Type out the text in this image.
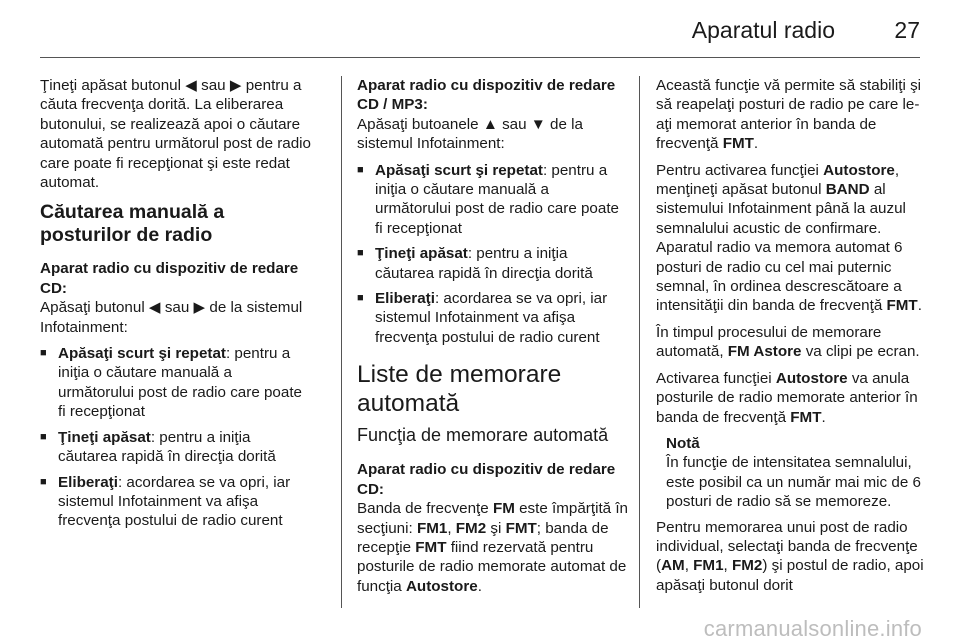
Aparatul radio	27

Ţineţi apăsat butonul ◀ sau ▶ pentru a căuta frecvenţa dorită. La eliberarea butonului, se realizează apoi o căutare automată pentru următorul post de radio care poate fi recepţionat şi este redat automat.

Căutarea manuală a posturilor de radio

Aparat radio cu dispozitiv de redare CD:

Apăsaţi butonul ◀ sau ▶ de la sistemul Infotainment:

■ Apăsaţi scurt şi repetat: pentru a iniţia o căutare manuală a următorului post de radio care poate fi recepţionat
■ Ţineţi apăsat: pentru a iniţia căutarea rapidă în direcţia dorită
■ Eliberaţi: acordarea se va opri, iar sistemul Infotainment va afişa frecvenţa postului de radio curent

Aparat radio cu dispozitiv de redare CD / MP3:

Apăsaţi butoanele ▲ sau ▼ de la sistemul Infotainment:

■ Apăsaţi scurt şi repetat: pentru a iniţia o căutare manuală a următorului post de radio care poate fi recepţionat
■ Ţineţi apăsat: pentru a iniţia căutarea rapidă în direcţia dorită
■ Eliberaţi: acordarea se va opri, iar sistemul Infotainment va afişa frecvenţa postului de radio curent
Liste de memorare automată
Funcţia de memorare automată

Aparat radio cu dispozitiv de redare CD:

Banda de frecvenţe FM este împărţită în secţiuni: FM1, FM2 şi FMT; banda de recepţie FMT fiind rezervată pentru posturile de radio memorate automat de funcţia Autostore.

Această funcţie vă permite să stabiliţi şi să reapelaţi posturi de radio pe care le-aţi memorat anterior în banda de frecvenţă FMT.

Pentru activarea funcţiei Autostore, menţineţi apăsat butonul BAND al sistemului Infotainment până la auzul semnalului acustic de confirmare. Aparatul radio va memora automat 6 posturi de radio cu cel mai puternic semnal, în ordinea descrescătoare a intensităţii din banda de frecvenţă FMT.

În timpul procesului de memorare automată, FM Astore va clipi pe ecran.

Activarea funcţiei Autostore va anula posturile de radio memorate anterior în banda de frecvenţă FMT.

Notă
În funcţie de intensitatea semnalului, este posibil ca un număr mai mic de 6 posturi de radio să se memoreze.

Pentru memorarea unui post de radio individual, selectaţi banda de frecvenţe (AM, FM1, FM2) şi postul de radio, apoi apăsaţi butonul dorit

carmanualsonline.info
